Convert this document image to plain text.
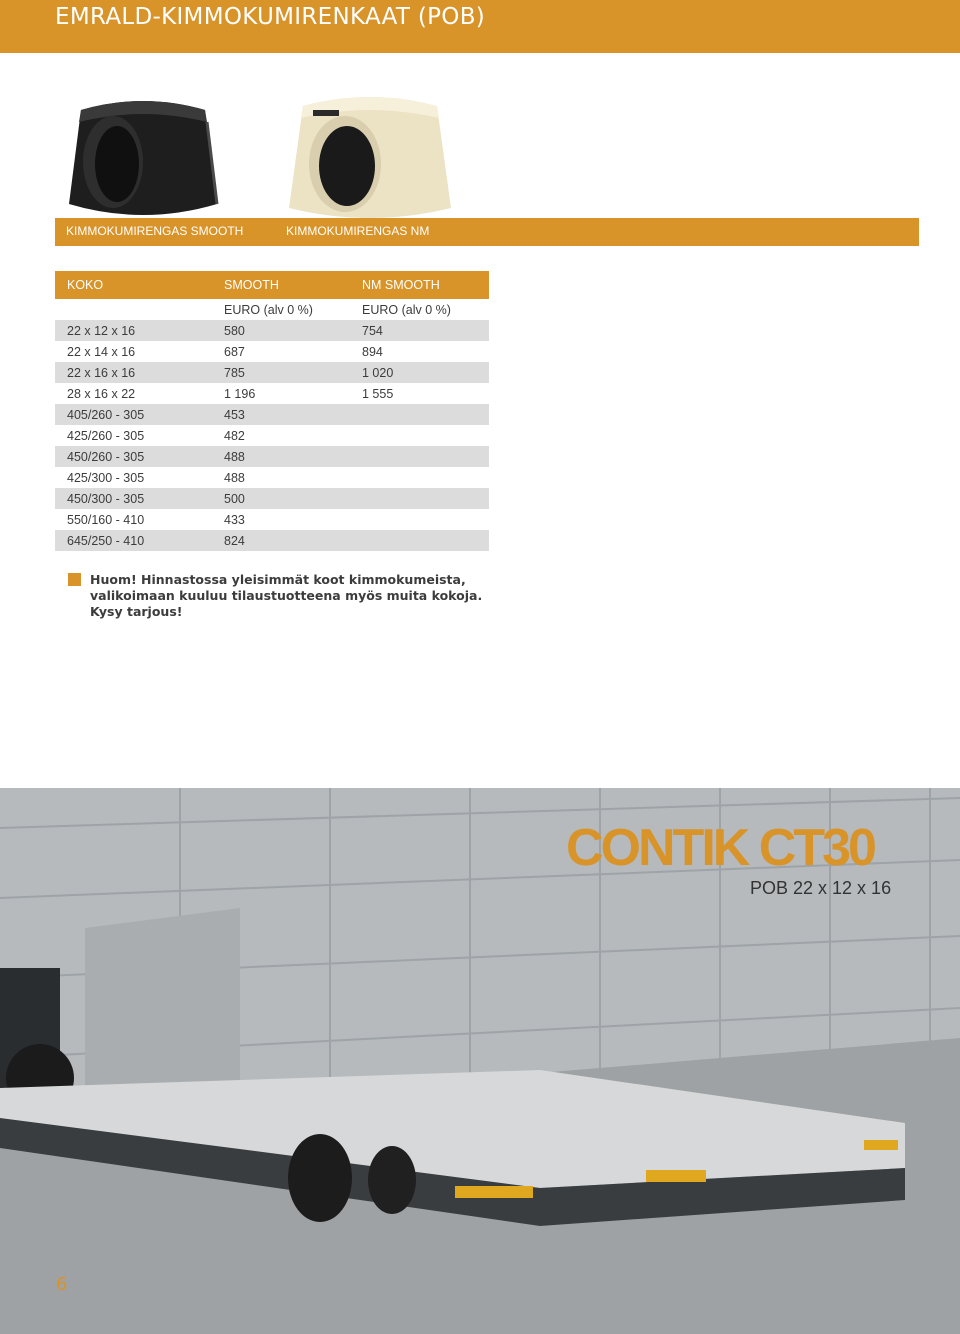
EMRALD-KIMMOKUMIRENKAAT (POB)
KIMMOKUMIRENGAS SMOOTH	KIMMOKUMIRENGAS NM
KOKO	SMOOTH	NM SMOOTH
	EURO (alv 0 %)	EURO (alv 0 %)
22 x 12 x 16	580	754
22 x 14 x 16	687	894
22 x 16 x 16	785	1 020
28 x 16 x 22	1 196	1 555
405/260 - 305	453	
425/260 - 305	482	
450/260 - 305	488	
425/300 - 305	488	
450/300 - 305	500	
550/160 - 410	433	
645/250 - 410	824	
Huom! Hinnastossa yleisimmät koot kimmokumeista, valikoimaan kuuluu tilaustuotteena myös muita kokoja. Kysy tarjous!
CONTIK CT30
POB 22 x 12 x 16
6
